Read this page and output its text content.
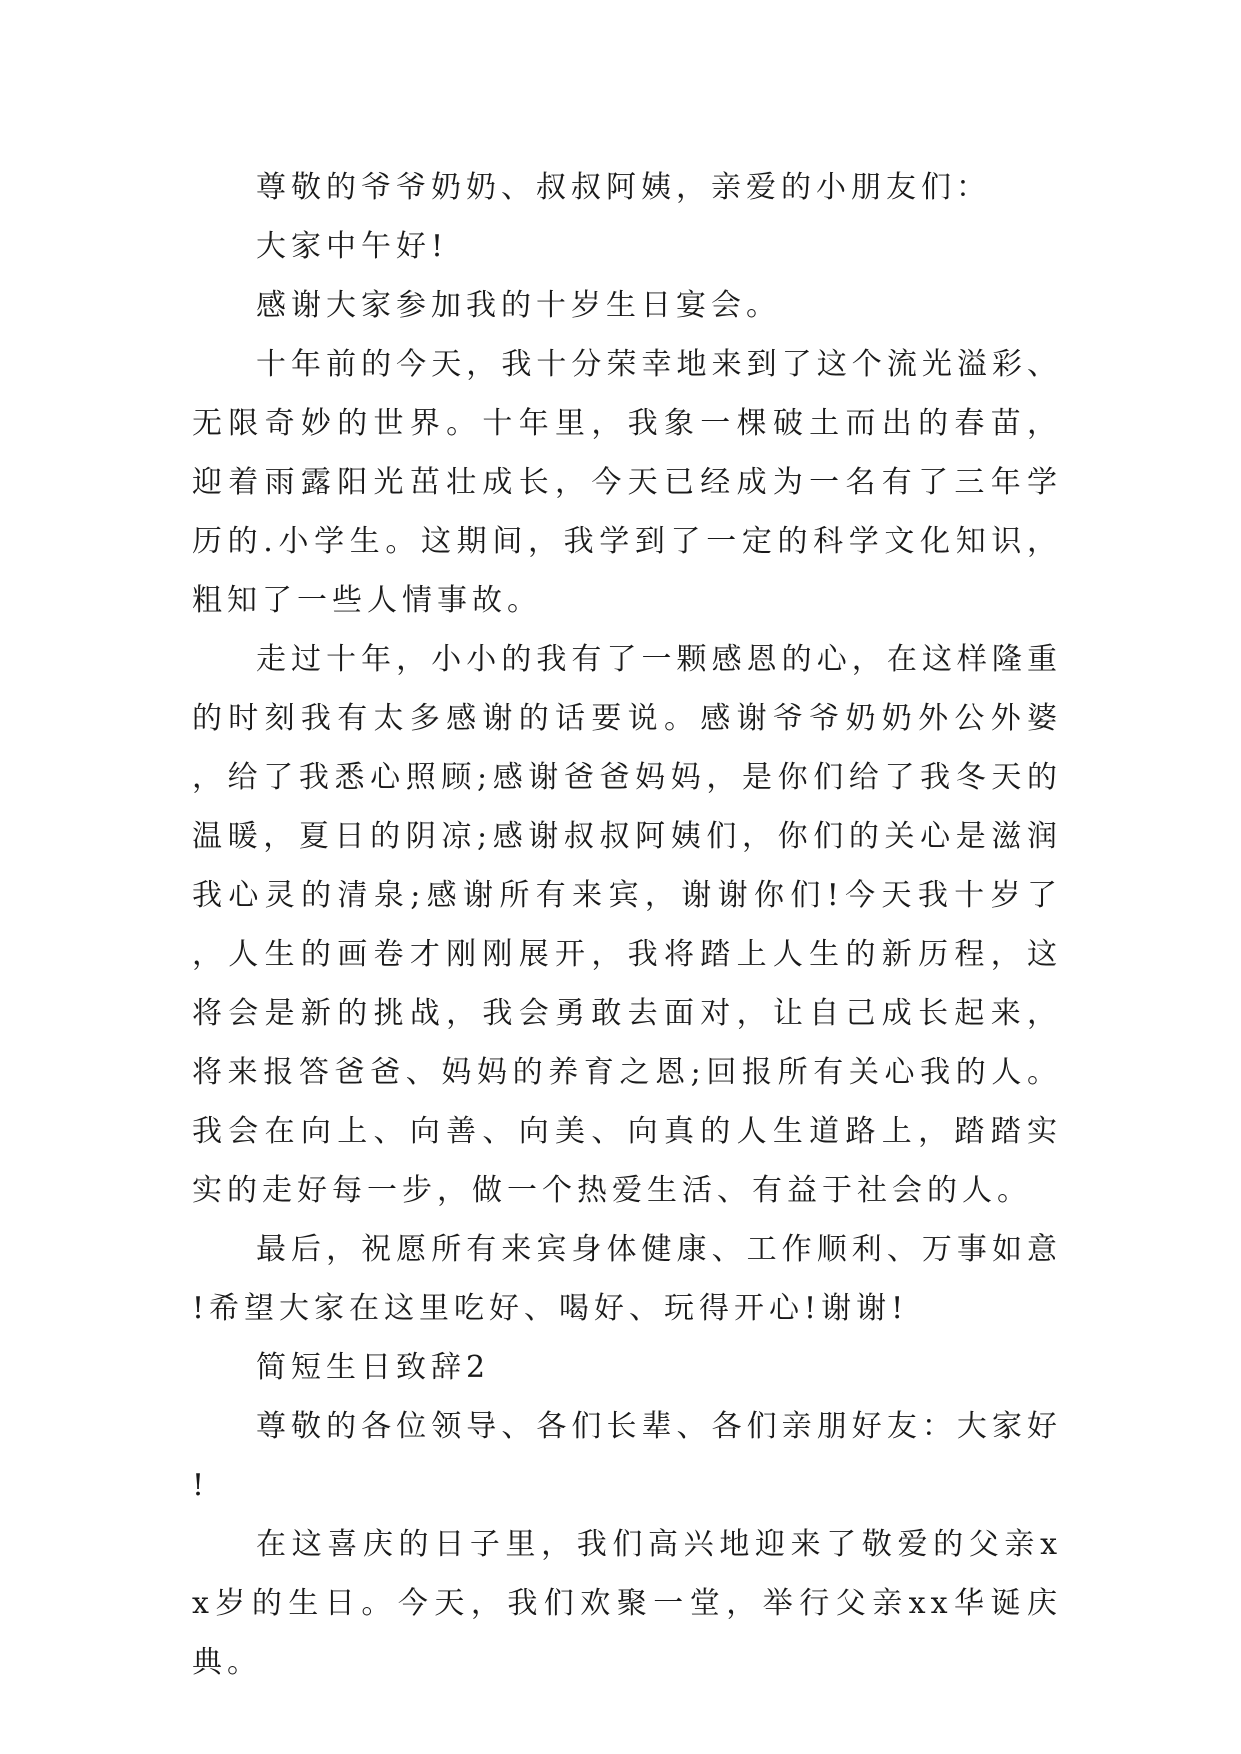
尊敬的爷爷奶奶、叔叔阿姨，亲爱的小朋友们：

大家中午好!

感谢大家参加我的十岁生日宴会。

十年前的今天，我十分荣幸地来到了这个流光溢彩、无限奇妙的世界。十年里，我象一棵破土而出的春苗，迎着雨露阳光茁壮成长，今天已经成为一名有了三年学历的.小学生。这期间，我学到了一定的科学文化知识，粗知了一些人情事故。

走过十年，小小的我有了一颗感恩的心，在这样隆重的时刻我有太多感谢的话要说。感谢爷爷奶奶外公外婆，给了我悉心照顾;感谢爸爸妈妈，是你们给了我冬天的温暖，夏日的阴凉;感谢叔叔阿姨们，你们的关心是滋润我心灵的清泉;感谢所有来宾，谢谢你们!今天我十岁了，人生的画卷才刚刚展开，我将踏上人生的新历程，这将会是新的挑战，我会勇敢去面对，让自己成长起来，将来报答爸爸、妈妈的养育之恩;回报所有关心我的人。我会在向上、向善、向美、向真的人生道路上，踏踏实实的走好每一步，做一个热爱生活、有益于社会的人。

最后，祝愿所有来宾身体健康、工作顺利、万事如意!希望大家在这里吃好、喝好、玩得开心!谢谢!

简短生日致辞2

尊敬的各位领导、各们长辈、各们亲朋好友：大家好!

在这喜庆的日子里，我们高兴地迎来了敬爱的父亲xx岁的生日。今天，我们欢聚一堂，举行父亲xx华诞庆典。
